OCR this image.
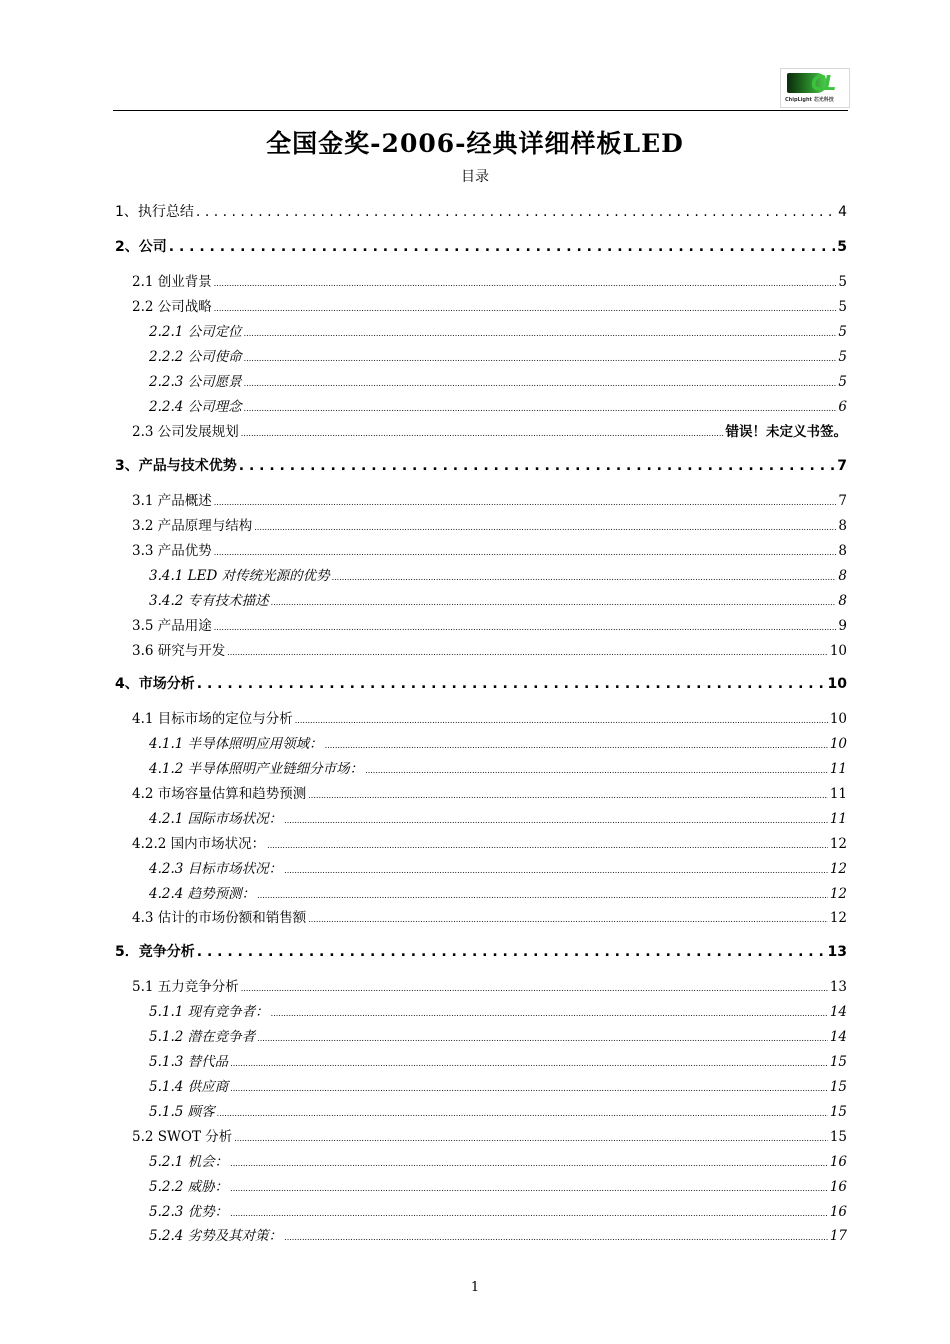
CL
ChipLight 芯光科技
全国金奖-2006-经典详细样板LED
目录
1、执行总结 . . .	4
2、公司 . . .	5
2.1 创业背景 .....	5
2.2 公司战略 .....	5
2.2.1 公司定位 .....	5
2.2.2 公司使命 .....	5
2.2.3 公司愿景 .....	5
2.2.4 公司理念 .....	6
2.3 公司发展规划 .....	错误！未定义书签。
3、产品与技术优势 . . .	7
3.1 产品概述 .....	7
3.2 产品原理与结构 .....	8
3.3 产品优势 .....	8
3.4.1 LED 对传统光源的优势 .....	8
3.4.2 专有技术描述 .....	8
3.5 产品用途 .....	9
3.6 研究与开发 .....	10
4、市场分析 . . .	10
4.1 目标市场的定位与分析 .....	10
4.1.1 半导体照明应用领域： .....	10
4.1.2 半导体照明产业链细分市场： .....	11
4.2 市场容量估算和趋势预测 .....	11
4.2.1 国际市场状况： .....	11
4.2.2 国内市场状况： .....	12
4.2.3 目标市场状况： .....	12
4.2.4 趋势预测： .....	12
4.3 估计的市场份额和销售额 .....	12
5．竞争分析 . . .	13
5.1 五力竞争分析 .....	13
5.1.1 现有竞争者： .....	14
5.1.2 潜在竞争者 .....	14
5.1.3 替代品 .....	15
5.1.4 供应商 .....	15
5.1.5 顾客 .....	15
5.2 SWOT 分析 .....	15
5.2.1 机会： .....	16
5.2.2 威胁： .....	16
5.2.3 优势： .....	16
5.2.4 劣势及其对策： .....	17
1
